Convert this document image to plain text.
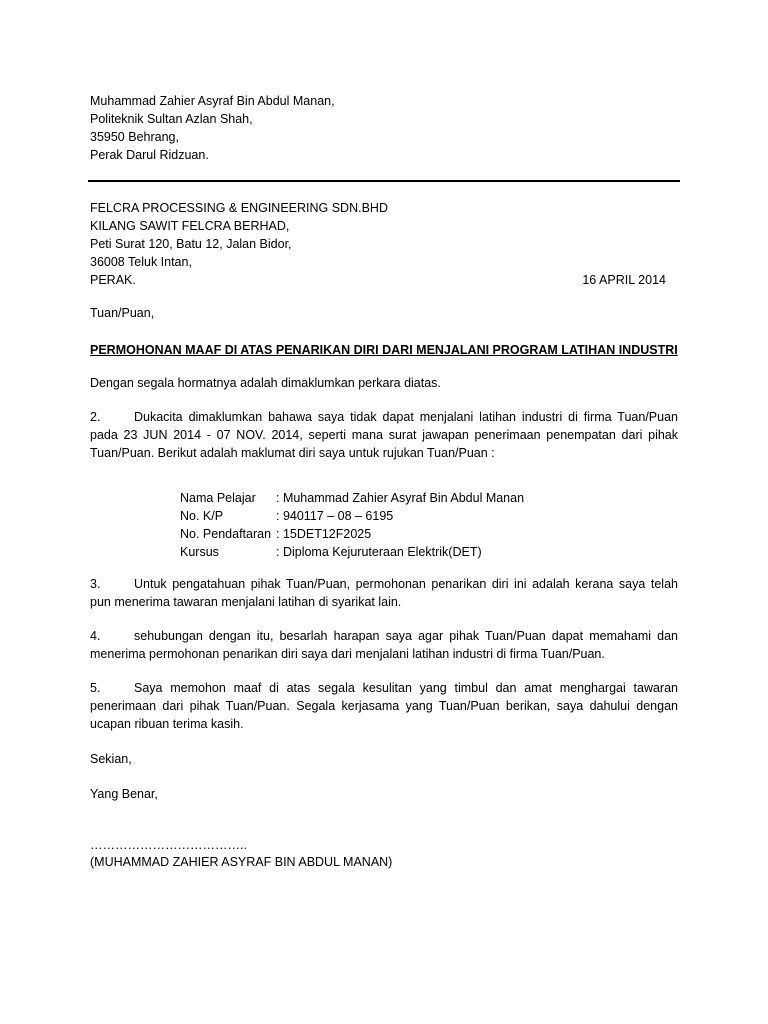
Muhammad Zahier Asyraf Bin Abdul Manan,
Politeknik Sultan Azlan Shah,
35950 Behrang,
Perak Darul Ridzuan.
FELCRA PROCESSING & ENGINEERING SDN.BHD
KILANG SAWIT FELCRA BERHAD,
Peti Surat 120, Batu 12, Jalan Bidor,
36008 Teluk Intan,
PERAK.	16 APRIL 2014
Tuan/Puan,
PERMOHONAN MAAF DI ATAS PENARIKAN DIRI DARI MENJALANI PROGRAM LATIHAN INDUSTRI
Dengan segala hormatnya adalah dimaklumkan perkara diatas.

2.	Dukacita dimaklumkan bahawa saya tidak dapat menjalani latihan industri di firma Tuan/Puan pada 23 JUN 2014 - 07 NOV. 2014, seperti mana surat jawapan penerimaan penempatan dari pihak Tuan/Puan. Berikut adalah maklumat diri saya untuk rujukan Tuan/Puan :

Nama Pelajar	: Muhammad Zahier Asyraf Bin Abdul Manan
No. K/P	: 940117 – 08 – 6195
No. Pendaftaran : 15DET12F2025
Kursus	: Diploma Kejuruteraan Elektrik(DET)

3.	Untuk pengatahuan pihak Tuan/Puan, permohonan penarikan diri ini adalah kerana saya telah pun menerima tawaran menjalani latihan di syarikat lain.

4.	sehubungan dengan itu, besarlah harapan saya agar pihak Tuan/Puan dapat memahami dan menerima permohonan penarikan diri saya dari menjalani latihan industri di firma Tuan/Puan.

5.	Saya memohon maaf di atas segala kesulitan yang timbul dan amat menghargai tawaran penerimaan dari pihak Tuan/Puan. Segala kerjasama yang Tuan/Puan berikan, saya dahului dengan ucapan ribuan terima kasih.

Sekian,
Yang Benar,
………………………………..
(MUHAMMAD ZAHIER ASYRAF BIN ABDUL MANAN)
